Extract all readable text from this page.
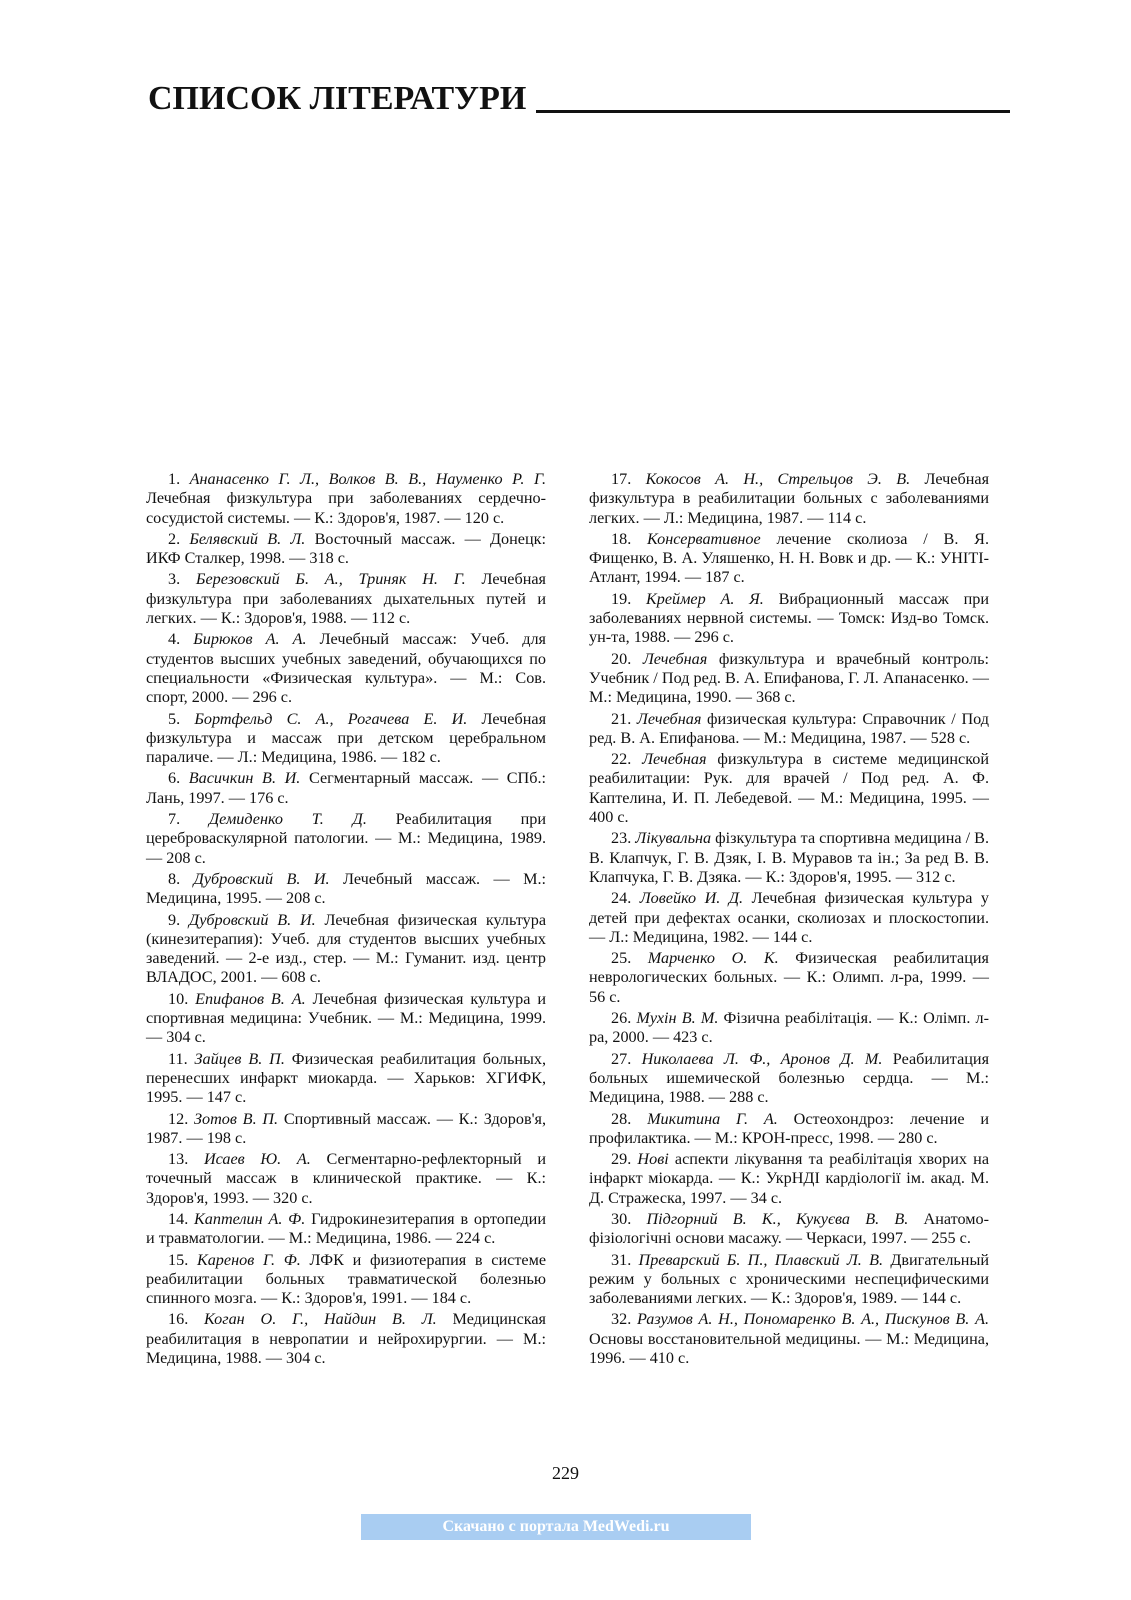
СПИСОК ЛІТЕРАТУРИ

1. Ананасенко Г. Л., Волков В. В., Науменко Р. Г. Лечебная физкультура при заболеваниях сердечно-сосудистой системы. — К.: Здоров'я, 1987. — 120 с.

2. Белявский В. Л. Восточный массаж. — Донецк: ИКФ Сталкер, 1998. — 318 с.

3. Березовский Б. А., Триняк Н. Г. Лечебная физкультура при заболеваниях дыхательных путей и легких. — К.: Здоров'я, 1988. — 112 с.

4. Бирюков А. А. Лечебный массаж: Учеб. для студентов высших учебных заведений, обучающихся по специальности «Физическая культура». — М.: Сов. спорт, 2000. — 296 с.

5. Бортфельд С. А., Рогачева Е. И. Лечебная физкультура и массаж при детском церебральном параличе. — Л.: Медицина, 1986. — 182 с.

6. Васичкин В. И. Сегментарный массаж. — СПб.: Лань, 1997. — 176 с.

7. Демиденко Т. Д. Реабилитация при цереброваскулярной патологии. — М.: Медицина, 1989. — 208 с.

8. Дубровский В. И. Лечебный массаж. — М.: Медицина, 1995. — 208 с.

9. Дубровский В. И. Лечебная физическая культура (кинезитерапия): Учеб. для студентов высших учебных заведений. — 2-е изд., стер. — М.: Гуманит. изд. центр ВЛАДОС, 2001. — 608 с.

10. Епифанов В. А. Лечебная физическая культура и спортивная медицина: Учебник. — М.: Медицина, 1999. — 304 с.

11. Зайцев В. П. Физическая реабилитация больных, перенесших инфаркт миокарда. — Харьков: ХГИФК, 1995. — 147 с.

12. Зотов В. П. Спортивный массаж. — К.: Здоров'я, 1987. — 198 с.

13. Исаев Ю. А. Сегментарно-рефлекторный и точечный массаж в клинической практике. — К.: Здоров'я, 1993. — 320 с.

14. Каптелин А. Ф. Гидрокинезитерапия в ортопедии и травматологии. — М.: Медицина, 1986. — 224 с.

15. Каренов Г. Ф. ЛФК и физиотерапия в системе реабилитации больных травматической болезнью спинного мозга. — К.: Здоров'я, 1991. — 184 с.

16. Коган О. Г., Найдин В. Л. Медицинская реабилитация в невропатии и нейрохирургии. — М.: Медицина, 1988. — 304 с.

17. Кокосов А. Н., Стрельцов Э. В. Лечебная физкультура в реабилитации больных с заболеваниями легких. — Л.: Медицина, 1987. — 114 с.

18. Консервативное лечение сколиоза / В. Я. Фищенко, В. А. Уляшенко, Н. Н. Вовк и др. — К.: УНІТІ-Атлант, 1994. — 187 с.

19. Креймер А. Я. Вибрационный массаж при заболеваниях нервной системы. — Томск: Изд-во Томск. ун-та, 1988. — 296 с.

20. Лечебная физкультура и врачебный контроль: Учебник / Под ред. В. А. Епифанова, Г. Л. Апанасенко. — М.: Медицина, 1990. — 368 с.

21. Лечебная физическая культура: Справочник / Под ред. В. А. Епифанова. — М.: Медицина, 1987. — 528 с.

22. Лечебная физкультура в системе медицинской реабилитации: Рук. для врачей / Под ред. А. Ф. Каптелина, И. П. Лебедевой. — М.: Медицина, 1995. — 400 с.

23. Лікувальна фізкультура та спортивна медицина / В. В. Клапчук, Г. В. Дзяк, І. В. Муравов та ін.; За ред В. В. Клапчука, Г. В. Дзяка. — К.: Здоров'я, 1995. — 312 с.

24. Ловейко И. Д. Лечебная физическая культура у детей при дефектах осанки, сколиозах и плоскостопии. — Л.: Медицина, 1982. — 144 с.

25. Марченко О. К. Физическая реабилитация неврологических больных. — К.: Олимп. л-ра, 1999. — 56 с.

26. Мухін В. М. Фізична реабілітація. — К.: Олімп. л-ра, 2000. — 423 с.

27. Николаева Л. Ф., Аронов Д. М. Реабилитация больных ишемической болезнью сердца. — М.: Медицина, 1988. — 288 с.

28. Микитина Г. А. Остеохондроз: лечение и профилактика. — М.: КРОН-пресс, 1998. — 280 с.

29. Нові аспекти лікування та реабілітація хворих на інфаркт міокарда. — К.: УкрНДІ кардіології ім. акад. М. Д. Стражеска, 1997. — 34 с.

30. Підгорний В. К., Кукуєва В. В. Анатомо-фізіологічні основи масажу. — Черкаси, 1997. — 255 с.

31. Преварский Б. П., Плавский Л. В. Двигательный режим у больных с хроническими неспецифическими заболеваниями легких. — К.: Здоров'я, 1989. — 144 с.

32. Разумов А. Н., Пономаренко В. А., Пискунов В. А. Основы восстановительной медицины. — М.: Медицина, 1996. — 410 с.

229
Скачано с портала MedWedi.ru
